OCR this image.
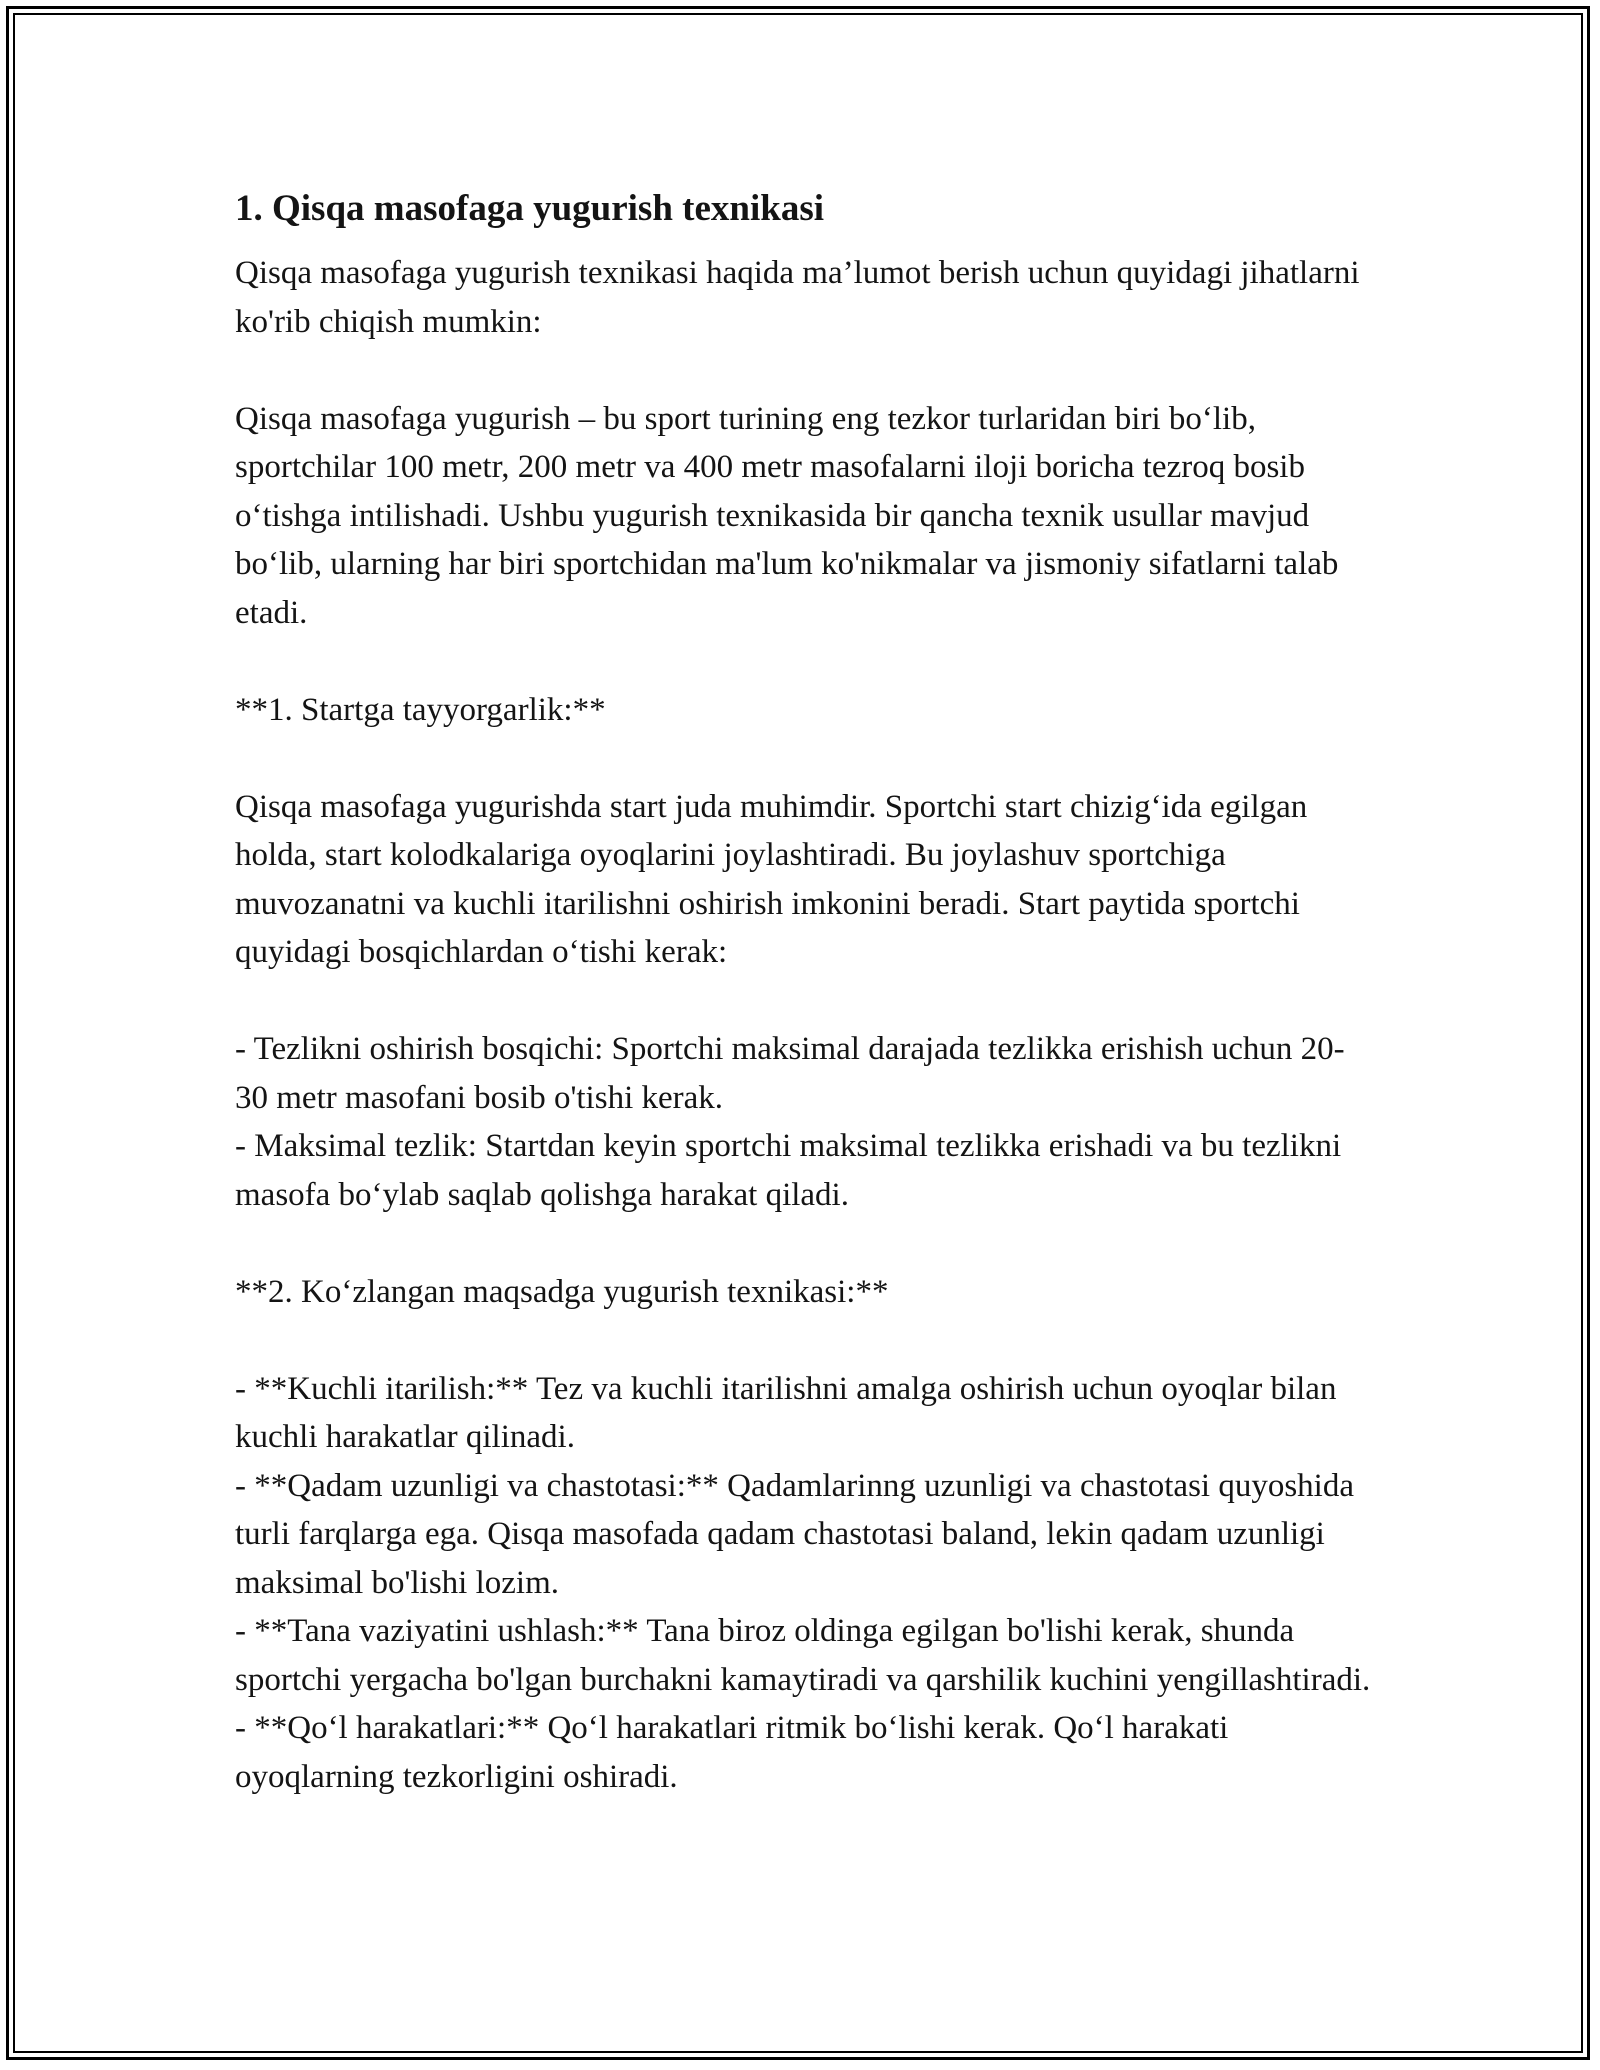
1. Qisqa masofaga yugurish texnikasi

Qisqa masofaga yugurish texnikasi haqida ma’lumot berish uchun quyidagi jihatlarni ko'rib chiqish mumkin:

Qisqa masofaga yugurish – bu sport turining eng tezkor turlaridan biri bo‘lib, sportchilar 100 metr, 200 metr va 400 metr masofalarni iloji boricha tezroq bosib o‘tishga intilishadi. Ushbu yugurish texnikasida bir qancha texnik usullar mavjud bo‘lib, ularning har biri sportchidan ma'lum ko'nikmalar va jismoniy sifatlarni talab etadi.

**1. Startga tayyorgarlik:**

Qisqa masofaga yugurishda start juda muhimdir. Sportchi start chizig‘ida egilgan holda, start kolodkalariga oyoqlarini joylashtiradi. Bu joylashuv sportchiga muvozanatni va kuchli itarilishni oshirish imkonini beradi. Start paytida sportchi quyidagi bosqichlardan o‘tishi kerak:

- Tezlikni oshirish bosqichi: Sportchi maksimal darajada tezlikka erishish uchun 20-30 metr masofani bosib o'tishi kerak.

- Maksimal tezlik: Startdan keyin sportchi maksimal tezlikka erishadi va bu tezlikni masofa bo‘ylab saqlab qolishga harakat qiladi.

**2. Ko‘zlangan maqsadga yugurish texnikasi:**

- **Kuchli itarilish:** Tez va kuchli itarilishni amalga oshirish uchun oyoqlar bilan kuchli harakatlar qilinadi.

- **Qadam uzunligi va chastotasi:** Qadamlarinng uzunligi va chastotasi quyoshida turli farqlarga ega. Qisqa masofada qadam chastotasi baland, lekin qadam uzunligi maksimal bo'lishi lozim.

- **Tana vaziyatini ushlash:** Tana biroz oldinga egilgan bo'lishi kerak, shunda sportchi yergacha bo'lgan burchakni kamaytiradi va qarshilik kuchini yengillashtiradi.

- **Qo‘l harakatlari:** Qo‘l harakatlari ritmik bo‘lishi kerak. Qo‘l harakati oyoqlarning tezkorligini oshiradi.
